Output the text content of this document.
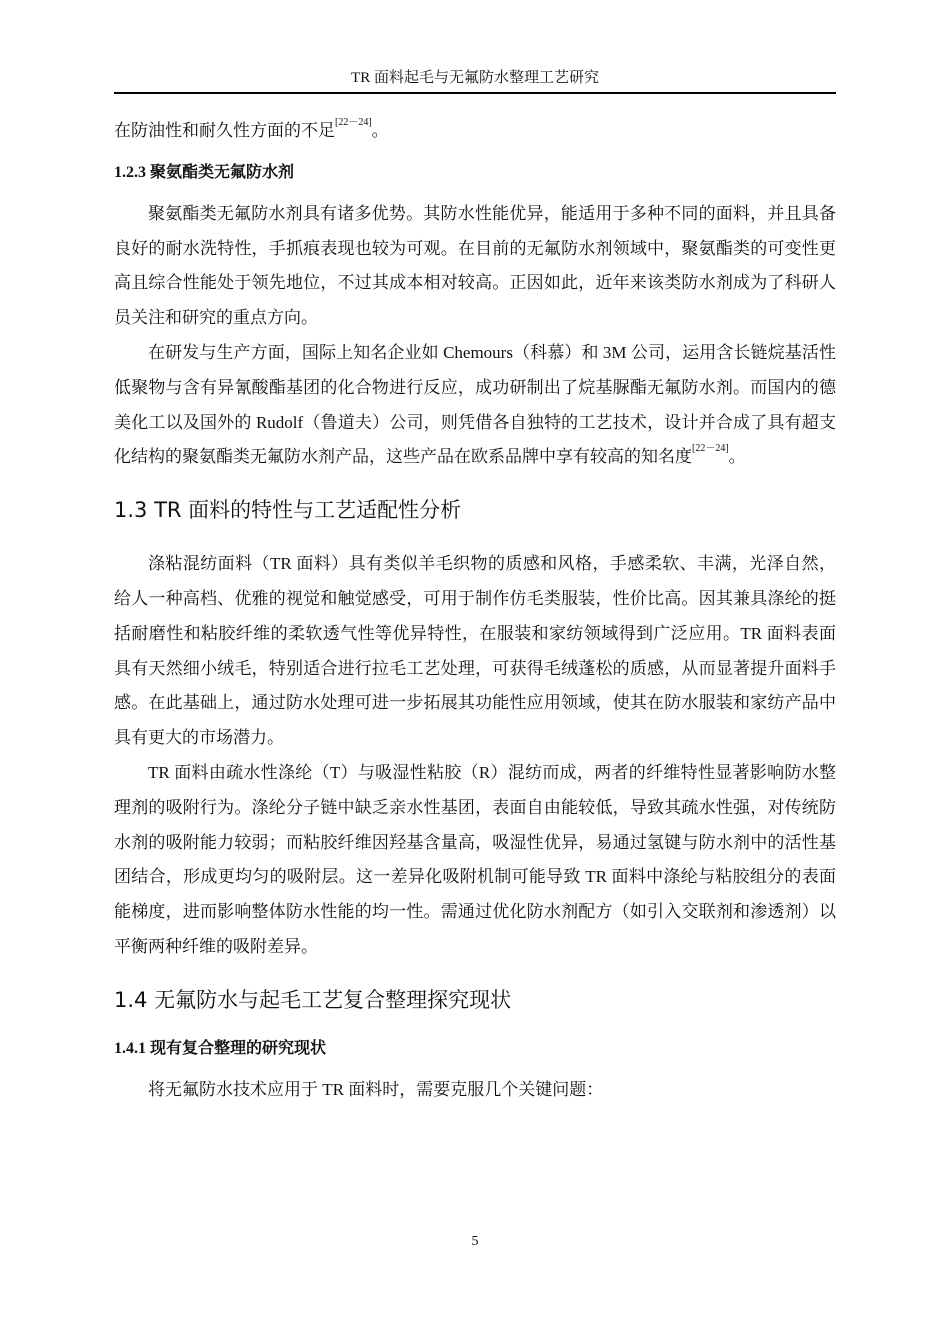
TR 面料起毛与无氟防水整理工艺研究

在防油性和耐久性方面的不足[22－24]。

1.2.3 聚氨酯类无氟防水剂

聚氨酯类无氟防水剂具有诸多优势。其防水性能优异，能适用于多种不同的面料，并且具备良好的耐水洗特性，手抓痕表现也较为可观。在目前的无氟防水剂领域中，聚氨酯类的可变性更高且综合性能处于领先地位，不过其成本相对较高。正因如此，近年来该类防水剂成为了科研人员关注和研究的重点方向。

在研发与生产方面，国际上知名企业如 Chemours（科慕）和 3M 公司，运用含长链烷基活性低聚物与含有异氰酸酯基团的化合物进行反应，成功研制出了烷基脲酯无氟防水剂。而国内的德美化工以及国外的 Rudolf（鲁道夫）公司，则凭借各自独特的工艺技术，设计并合成了具有超支化结构的聚氨酯类无氟防水剂产品，这些产品在欧系品牌中享有较高的知名度[22－24]。

1.3 TR 面料的特性与工艺适配性分析

涤粘混纺面料（TR 面料）具有类似羊毛织物的质感和风格，手感柔软、丰满，光泽自然，给人一种高档、优雅的视觉和触觉感受，可用于制作仿毛类服装，性价比高。因其兼具涤纶的挺括耐磨性和粘胶纤维的柔软透气性等优异特性，在服装和家纺领域得到广泛应用。TR 面料表面具有天然细小绒毛，特别适合进行拉毛工艺处理，可获得毛绒蓬松的质感，从而显著提升面料手感。在此基础上，通过防水处理可进一步拓展其功能性应用领域，使其在防水服装和家纺产品中具有更大的市场潜力。

TR 面料由疏水性涤纶（T）与吸湿性粘胶（R）混纺而成，两者的纤维特性显著影响防水整理剂的吸附行为。涤纶分子链中缺乏亲水性基团，表面自由能较低，导致其疏水性强，对传统防水剂的吸附能力较弱；而粘胶纤维因羟基含量高，吸湿性优异，易通过氢键与防水剂中的活性基团结合，形成更均匀的吸附层。这一差异化吸附机制可能导致 TR 面料中涤纶与粘胶组分的表面能梯度，进而影响整体防水性能的均一性。需通过优化防水剂配方（如引入交联剂和渗透剂）以平衡两种纤维的吸附差异。

1.4 无氟防水与起毛工艺复合整理探究现状
1.4.1 现有复合整理的研究现状

将无氟防水技术应用于 TR 面料时，需要克服几个关键问题：

5
